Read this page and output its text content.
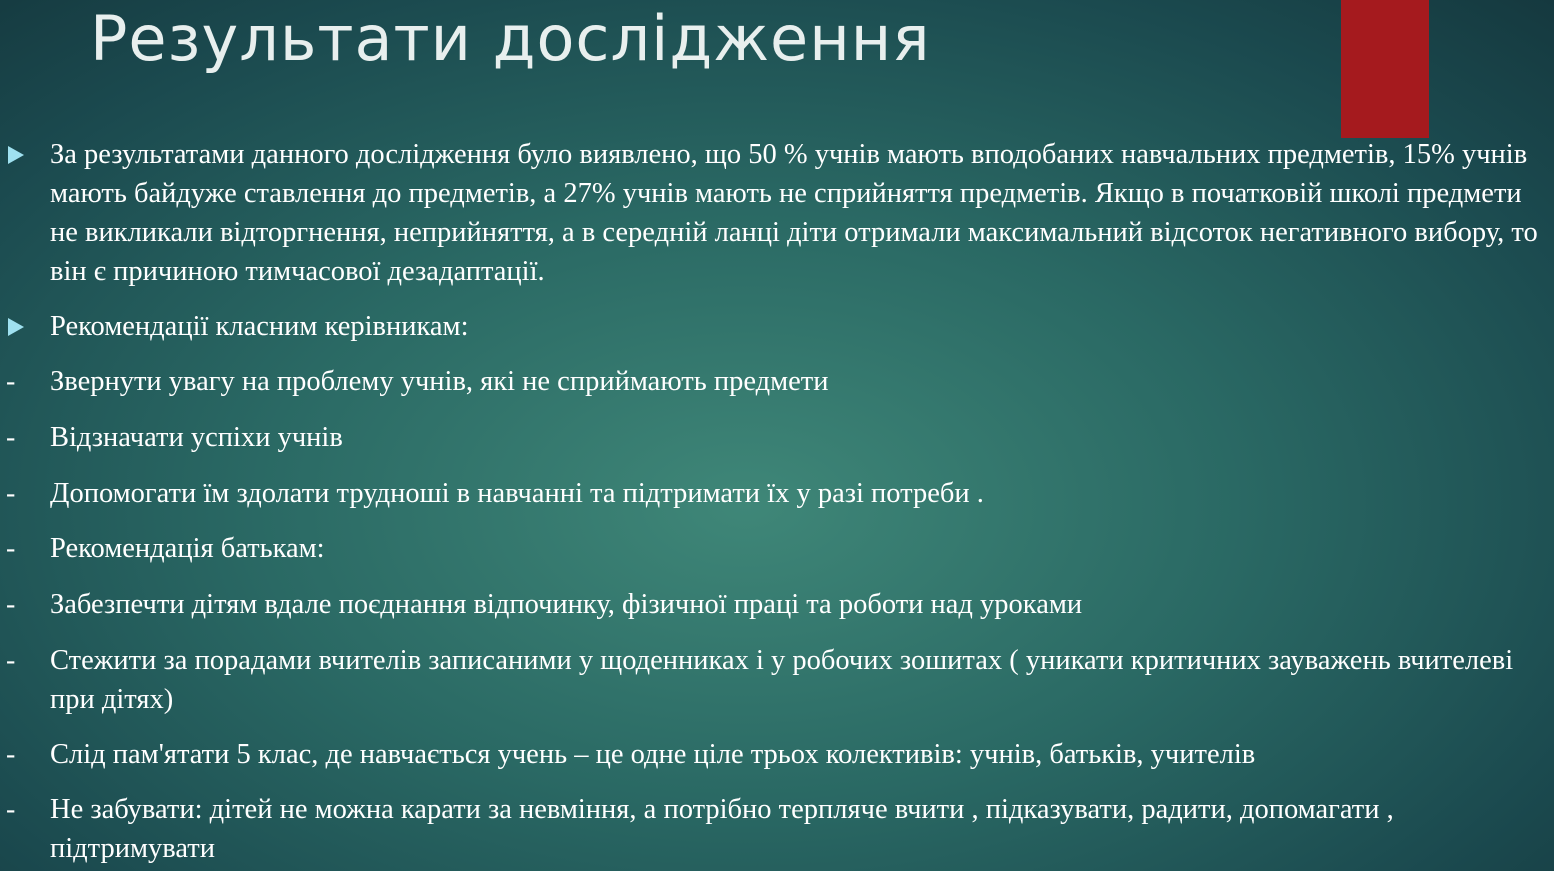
Результати дослідження

За результатами данного дослідження було виявлено, що 50 % учнів мають вподобаних навчальних предметів, 15% учнів мають байдуже ставлення до предметів, а 27% учнів мають не сприйняття предметів. Якщо в початковій школі предмети не викликали відторгнення, неприйняття, а в середній ланці діти отримали максимальний відсоток негативного вибору, то він є причиною тимчасової дезадаптації.

Рекомендації класним керівникам:

- Звернути увагу на проблему учнів, які не сприймають предмети

- Відзначати успіхи учнів

- Допомогати їм здолати трудноші в навчанні та підтримати їх у разі потреби .

- Рекомендація батькам:

- Забезпечти дітям вдале поєднання відпочинку, фізичної праці та роботи над уроками

- Стежити за порадами вчителів записаними у щоденниках і у робочих зошитах ( уникати критичних зауважень вчителеві при дітях)

- Слід пам'ятати 5 клас, де навчається учень – це одне ціле трьох колективів: учнів, батьків, учителів

- Не забувати: дітей не можна карати за невміння, а потрібно терпляче вчити , підказувати, радити, допомагати , підтримувати
